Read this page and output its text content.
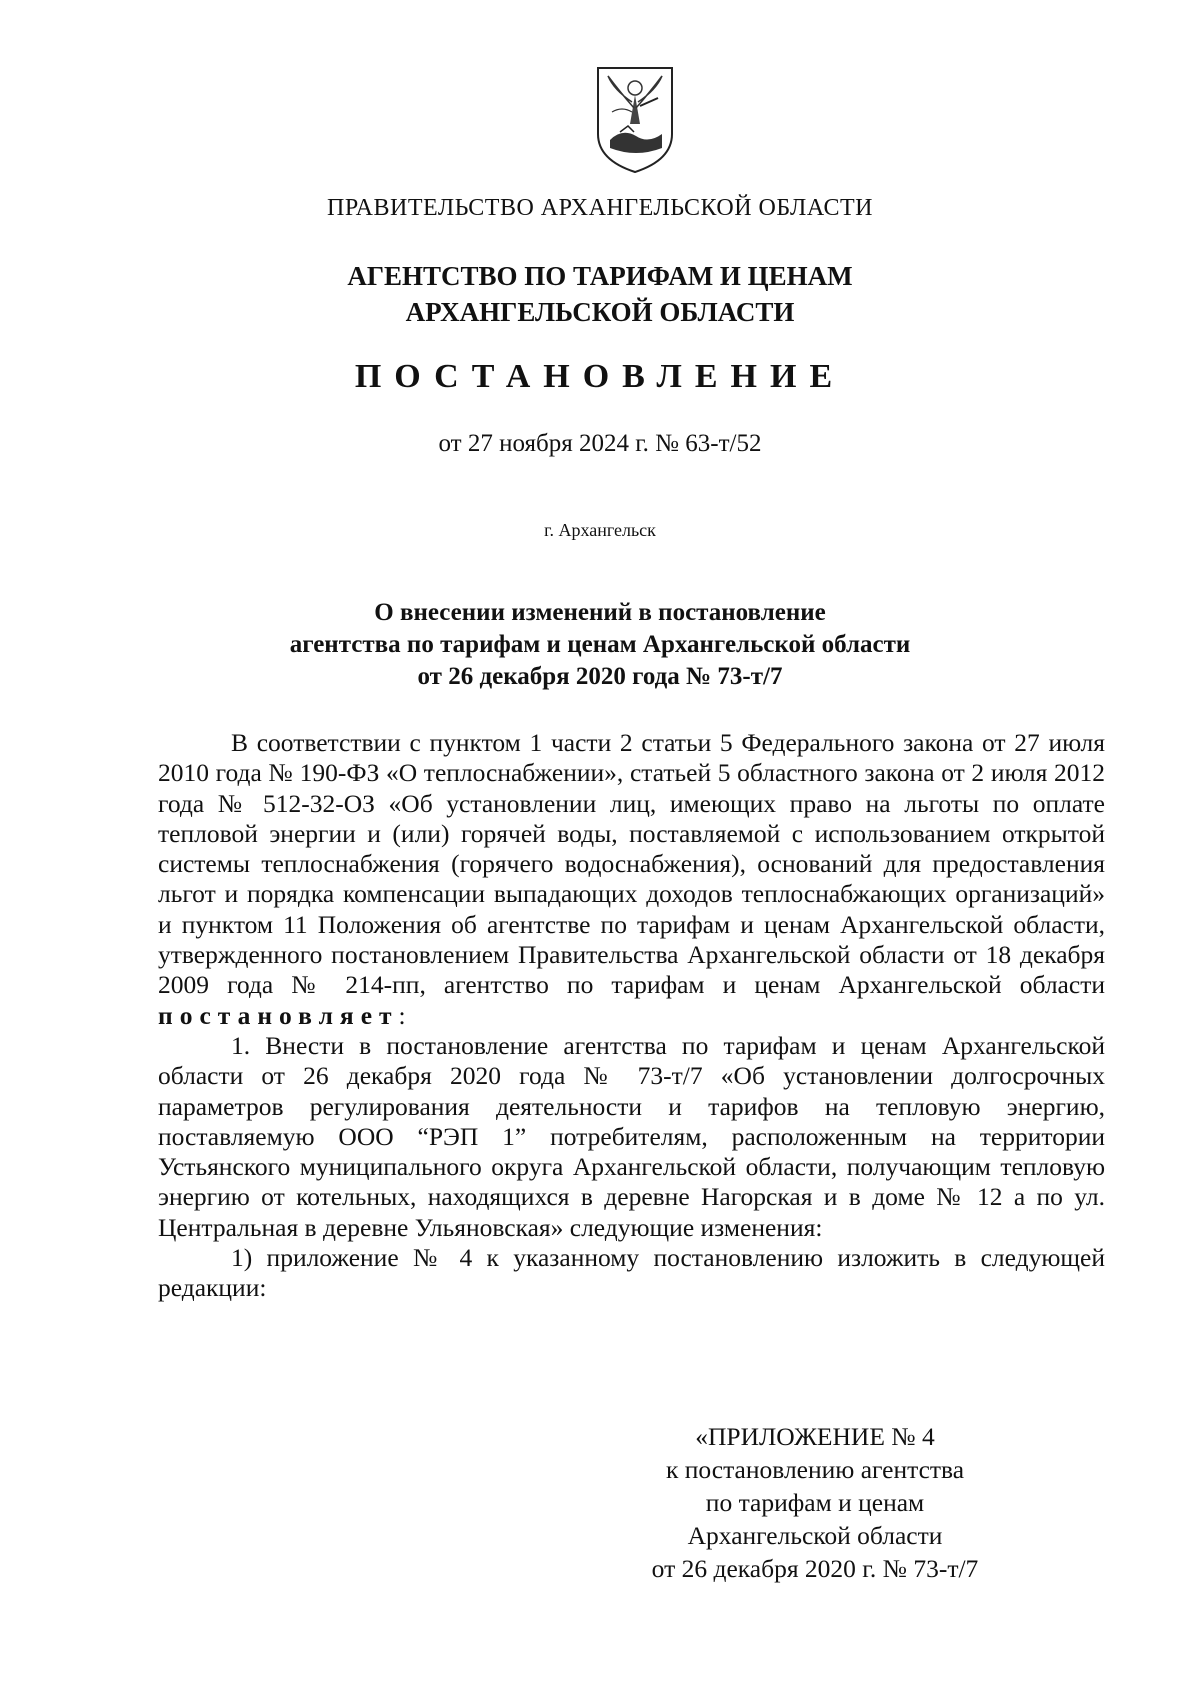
ПРАВИТЕЛЬСТВО АРХАНГЕЛЬСКОЙ ОБЛАСТИ
АГЕНТСТВО ПО ТАРИФАМ И ЦЕНАМ
АРХАНГЕЛЬСКОЙ ОБЛАСТИ
ПОСТАНОВЛЕНИЕ
от 27 ноября 2024 г. № 63-т/52
г. Архангельск
О внесении изменений в постановление
агентства по тарифам и ценам Архангельской области
от 26 декабря 2020 года № 73-т/7

В соответствии с пунктом 1 части 2 статьи 5 Федерального закона от 27 июля 2010 года № 190-ФЗ «О теплоснабжении», статьей 5 областного закона от 2 июля 2012 года № 512-32-ОЗ «Об установлении лиц, имеющих право на льготы по оплате тепловой энергии и (или) горячей воды, поставляемой с использованием открытой системы теплоснабжения (горячего водоснабжения), оснований для предоставления льгот и порядка компенсации выпадающих доходов теплоснабжающих организаций» и пунктом 11 Положения об агентстве по тарифам и ценам Архангельской области, утвержденного постановлением Правительства Архангельской области от 18 декабря 2009 года № 214-пп, агентство по тарифам и ценам Архангельской области постановляет:

1. Внести в постановление агентства по тарифам и ценам Архангельской области от 26 декабря 2020 года № 73-т/7 «Об установлении долгосрочных параметров регулирования деятельности и тарифов на тепловую энергию, поставляемую ООО “РЭП 1” потребителям, расположенным на территории Устьянского муниципального округа Архангельской области, получающим тепловую энергию от котельных, находящихся в деревне Нагорская и в доме № 12 а по ул. Центральная в деревне Ульяновская» следующие изменения:

1) приложение № 4 к указанному постановлению изложить в следующей редакции:

«ПРИЛОЖЕНИЕ № 4
к постановлению агентства
по тарифам и ценам
Архангельской области
от 26 декабря 2020 г. № 73-т/7
